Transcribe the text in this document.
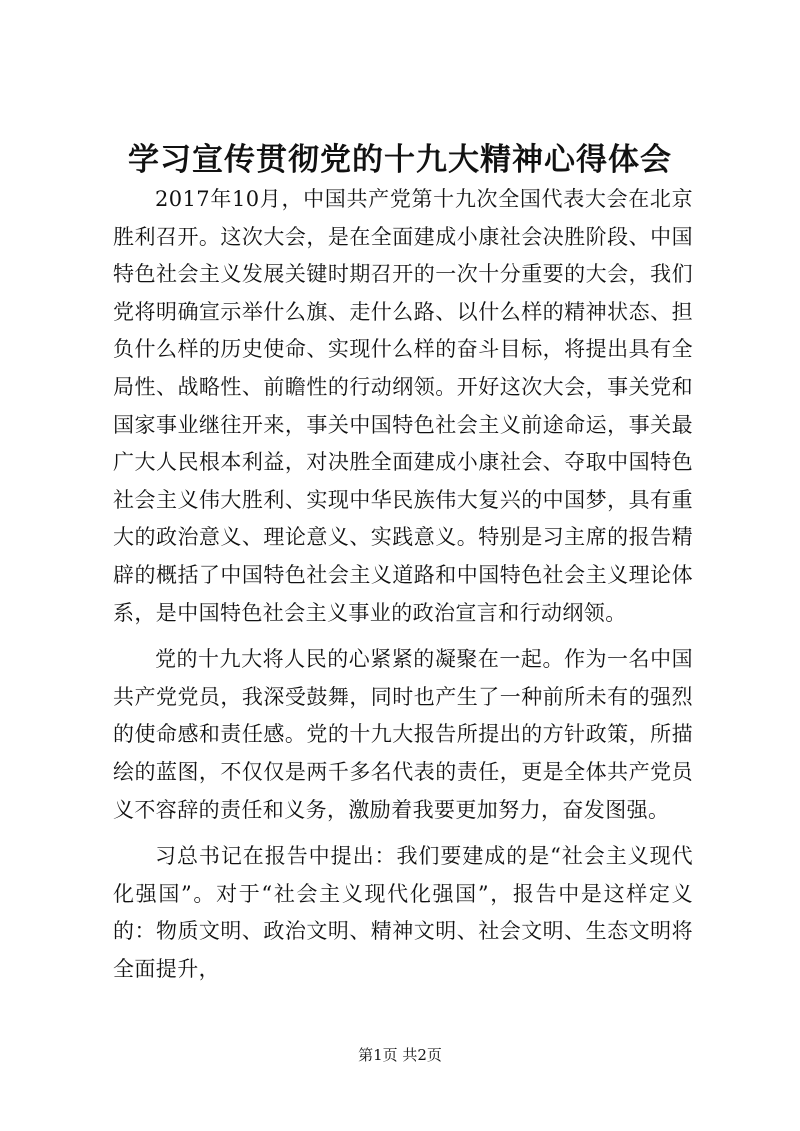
学习宣传贯彻党的十九大精神心得体会

2017年10月，中国共产党第十九次全国代表大会在北京胜利召开。这次大会，是在全面建成小康社会决胜阶段、中国特色社会主义发展关键时期召开的一次十分重要的大会，我们党将明确宣示举什么旗、走什么路、以什么样的精神状态、担负什么样的历史使命、实现什么样的奋斗目标，将提出具有全局性、战略性、前瞻性的行动纲领。开好这次大会，事关党和国家事业继往开来，事关中国特色社会主义前途命运，事关最广大人民根本利益，对决胜全面建成小康社会、夺取中国特色社会主义伟大胜利、实现中华民族伟大复兴的中国梦，具有重大的政治意义、理论意义、实践意义。特别是习主席的报告精辟的概括了中国特色社会主义道路和中国特色社会主义理论体系，是中国特色社会主义事业的政治宣言和行动纲领。

党的十九大将人民的心紧紧的凝聚在一起。作为一名中国共产党党员，我深受鼓舞，同时也产生了一种前所未有的强烈的使命感和责任感。党的十九大报告所提出的方针政策，所描绘的蓝图，不仅仅是两千多名代表的责任，更是全体共产党员义不容辞的责任和义务，激励着我要更加努力，奋发图强。

习总书记在报告中提出：我们要建成的是“社会主义现代化强国”。对于“社会主义现代化强国”，报告中是这样定义的：物质文明、政治文明、精神文明、社会文明、生态文明将全面提升，

第1页 共2页
